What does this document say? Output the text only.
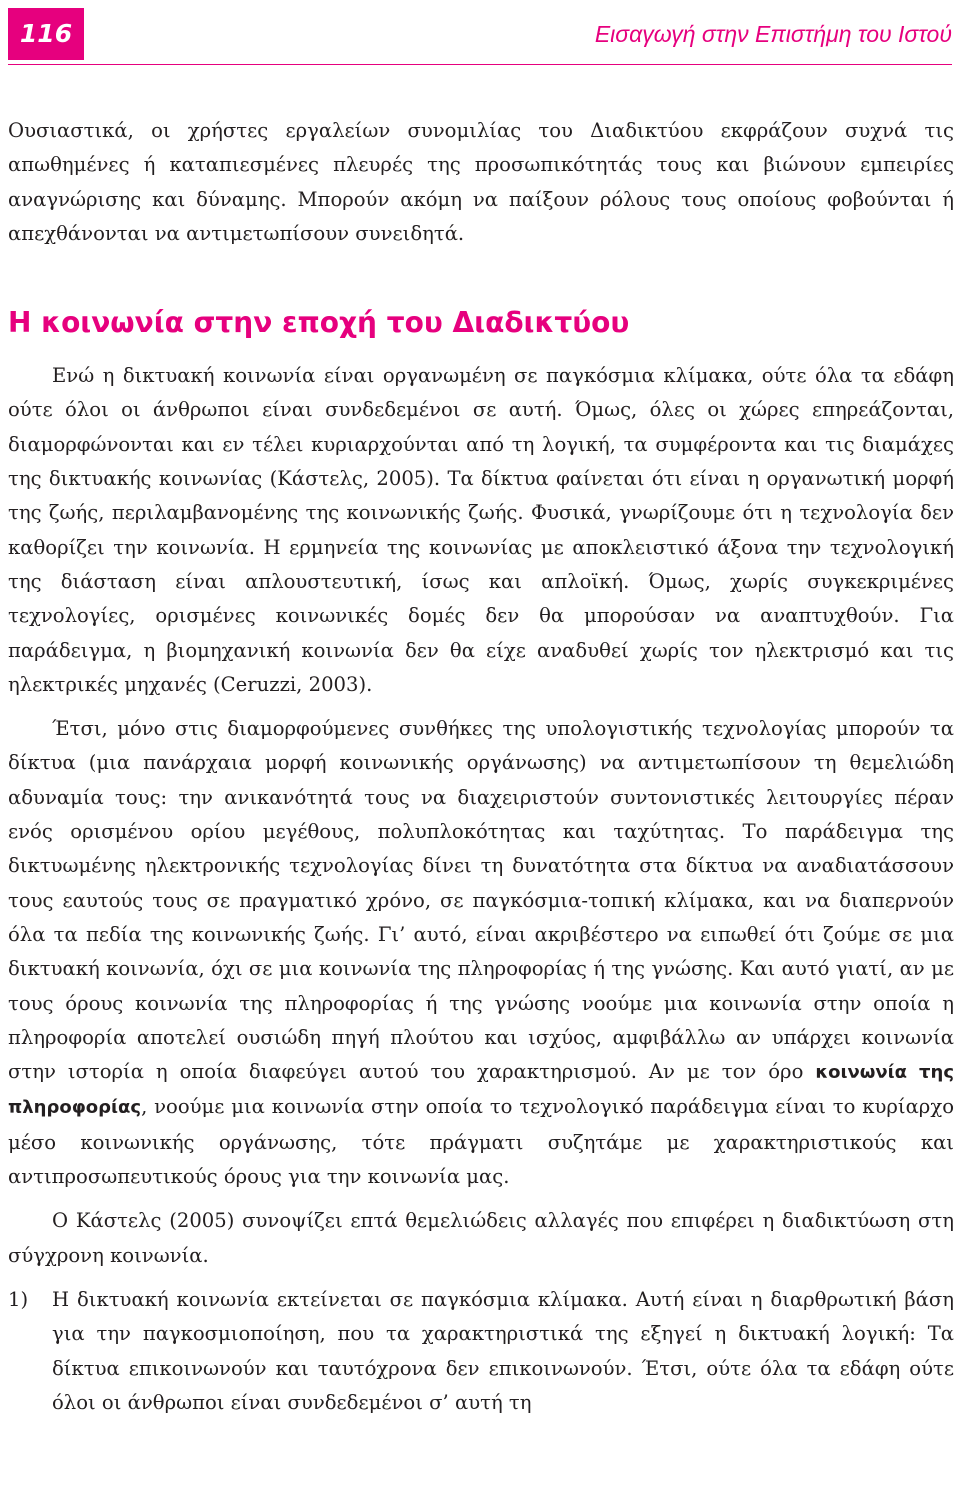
116	Εισαγωγή στην Επιστήμη του Ιστού

Ουσιαστικά, οι χρήστες εργαλείων συνομιλίας του Διαδικτύου εκφράζουν συχνά τις απωθημένες ή καταπιεσμένες πλευρές της προσωπικότητάς τους και βιώνουν εμπειρίες αναγνώρισης και δύναμης. Μπορούν ακόμη να παίξουν ρόλους τους οποίους φοβούνται ή απεχθάνονται να αντιμετωπίσουν συνειδητά.

Η κοινωνία στην εποχή του Διαδικτύου

Ενώ η δικτυακή κοινωνία είναι οργανωμένη σε παγκόσμια κλίμακα, ούτε όλα τα εδάφη ούτε όλοι οι άνθρωποι είναι συνδεδεμένοι σε αυτή. Όμως, όλες οι χώρες επηρεάζονται, διαμορφώνονται και εν τέλει κυριαρχούνται από τη λογική, τα συμφέροντα και τις διαμάχες της δικτυακής κοινωνίας (Κάστελς, 2005). Τα δίκτυα φαίνεται ότι είναι η οργανωτική μορφή της ζωής, περιλαμβανομένης της κοινωνικής ζωής. Φυσικά, γνωρίζουμε ότι η τεχνολογία δεν καθορίζει την κοινωνία. Η ερμηνεία της κοινωνίας με αποκλειστικό άξονα την τεχνολογική της διάσταση είναι απλουστευτική, ίσως και απλοϊκή. Όμως, χωρίς συγκεκριμένες τεχνολογίες, ορισμένες κοινωνικές δομές δεν θα μπορούσαν να αναπτυχθούν. Για παράδειγμα, η βιομηχανική κοινωνία δεν θα είχε αναδυθεί χωρίς τον ηλεκτρισμό και τις ηλεκτρικές μηχανές (Ceruzzi, 2003).

Έτσι, μόνο στις διαμορφούμενες συνθήκες της υπολογιστικής τεχνολογίας μπορούν τα δίκτυα (μια πανάρχαια μορφή κοινωνικής οργάνωσης) να αντιμετωπίσουν τη θεμελιώδη αδυναμία τους: την ανικανότητά τους να διαχειριστούν συντονιστικές λειτουργίες πέραν ενός ορισμένου ορίου μεγέθους, πολυπλοκότητας και ταχύτητας. Το παράδειγμα της δικτυωμένης ηλεκτρονικής τεχνολογίας δίνει τη δυνατότητα στα δίκτυα να αναδιατάσσουν τους εαυτούς τους σε πραγματικό χρόνο, σε παγκόσμια-τοπική κλίμακα, και να διαπερνούν όλα τα πεδία της κοινωνικής ζωής. Γι’ αυτό, είναι ακριβέστερο να ειπωθεί ότι ζούμε σε μια δικτυακή κοινωνία, όχι σε μια κοινωνία της πληροφορίας ή της γνώσης. Και αυτό γιατί, αν με τους όρους κοινωνία της πληροφορίας ή της γνώσης νοούμε μια κοινωνία στην οποία η πληροφορία αποτελεί ουσιώδη πηγή πλούτου και ισχύος, αμφιβάλλω αν υπάρχει κοινωνία στην ιστορία η οποία διαφεύγει αυτού του χαρακτηρισμού. Αν με τον όρο κοινωνία της πληροφορίας, νοούμε μια κοινωνία στην οποία το τεχνολογικό παράδειγμα είναι το κυρίαρχο μέσο κοινωνικής οργάνωσης, τότε πράγματι συζητάμε με χαρακτηριστικούς και αντιπροσωπευτικούς όρους για την κοινωνία μας.

Ο Κάστελς (2005) συνοψίζει επτά θεμελιώδεις αλλαγές που επιφέρει η διαδικτύωση στη σύγχρονη κοινωνία.

1) Η δικτυακή κοινωνία εκτείνεται σε παγκόσμια κλίμακα. Αυτή είναι η διαρθρωτική βάση για την παγκοσμιοποίηση, που τα χαρακτηριστικά της εξηγεί η δικτυακή λογική: Τα δίκτυα επικοινωνούν και ταυτόχρονα δεν επικοινωνούν. Έτσι, ούτε όλα τα εδάφη ούτε όλοι οι άνθρωποι είναι συνδεδεμένοι σ’ αυτή τη
